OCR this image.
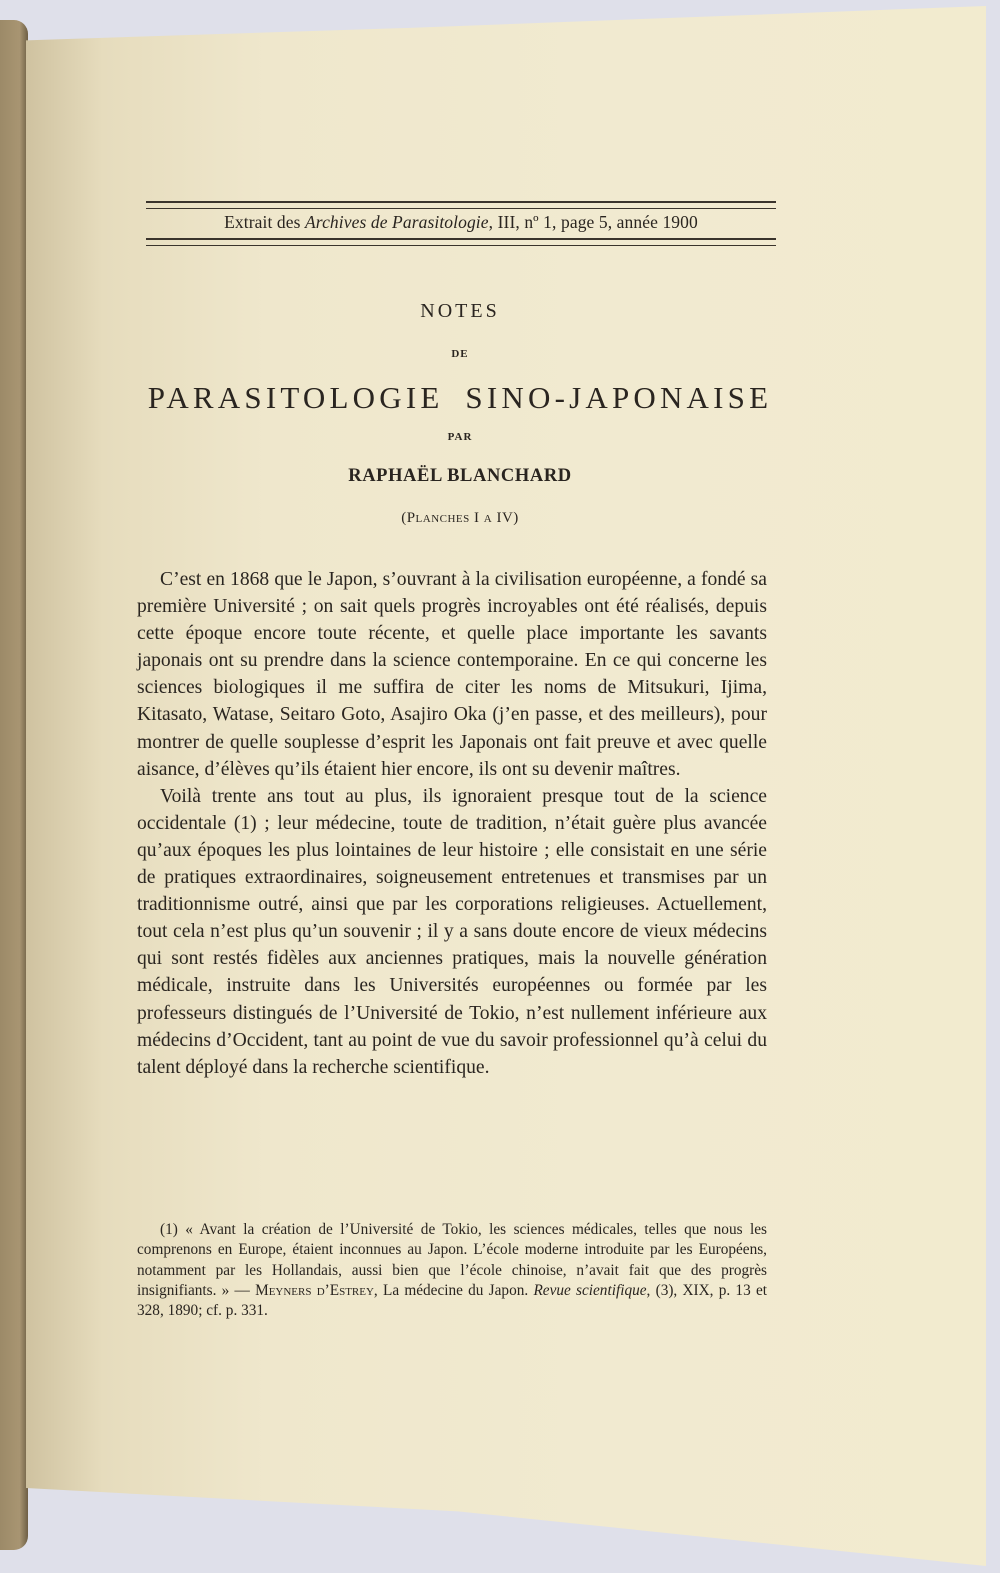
Extrait des Archives de Parasitologie, III, nº 1, page 5, année 1900
NOTES
DE
PARASITOLOGIE SINO-JAPONAISE
PAR
RAPHAËL BLANCHARD
(Planches I a IV)

C’est en 1868 que le Japon, s’ouvrant à la civilisation européenne, a fondé sa première Université ; on sait quels progrès incroyables ont été réalisés, depuis cette époque encore toute récente, et quelle place importante les savants japonais ont su prendre dans la science contemporaine. En ce qui concerne les sciences biologiques il me suffira de citer les noms de Mitsukuri, Ijima, Kitasato, Watase, Seitaro Goto, Asajiro Oka (j’en passe, et des meilleurs), pour montrer de quelle souplesse d’esprit les Japonais ont fait preuve et avec quelle aisance, d’élèves qu’ils étaient hier encore, ils ont su devenir maîtres.

Voilà trente ans tout au plus, ils ignoraient presque tout de la science occidentale (1) ; leur médecine, toute de tradition, n’était guère plus avancée qu’aux époques les plus lointaines de leur histoire ; elle consistait en une série de pratiques extraordinaires, soigneusement entretenues et transmises par un traditionnisme outré, ainsi que par les corporations religieuses. Actuellement, tout cela n’est plus qu’un souvenir ; il y a sans doute encore de vieux médecins qui sont restés fidèles aux anciennes pratiques, mais la nouvelle génération médicale, instruite dans les Universités européennes ou formée par les professeurs distingués de l’Université de Tokio, n’est nullement inférieure aux médecins d’Occident, tant au point de vue du savoir professionnel qu’à celui du talent déployé dans la recherche scientifique.

(1) « Avant la création de l’Université de Tokio, les sciences médicales, telles que nous les comprenons en Europe, étaient inconnues au Japon. L’école moderne introduite par les Européens, notamment par les Hollandais, aussi bien que l’école chinoise, n’avait fait que des progrès insignifiants. » — Meyners d’Estrey, La médecine du Japon. Revue scientifique, (3), XIX, p. 13 et 328, 1890; cf. p. 331.
